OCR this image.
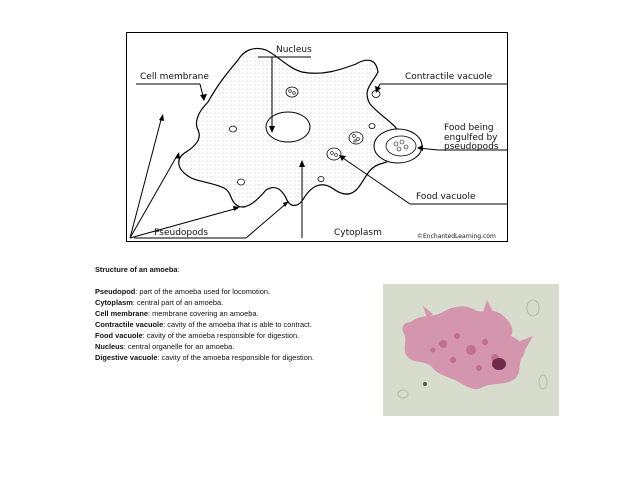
Nucleus
Cell membrane	Contractile vacuole
Food being
engulfed by
pseudopods
Food vacuole
Pseudopods	Cytoplasm	©EnchantedLearning.com
Structure of an amoeba:
Pseudopod: part of the amoeba used for locomotion.
Cytoplasm: central part of an amoeba.
Cell membrane: membrane covering an amoeba.
Contractile vacuole: cavity of the amoeba that is able to contract.
Food vacuole: cavity of the amoeba responsible for digestion.
Nucleus: central organelle for an amoeba.
Digestive vacuole: cavity of the amoeba responsible for digestion.
